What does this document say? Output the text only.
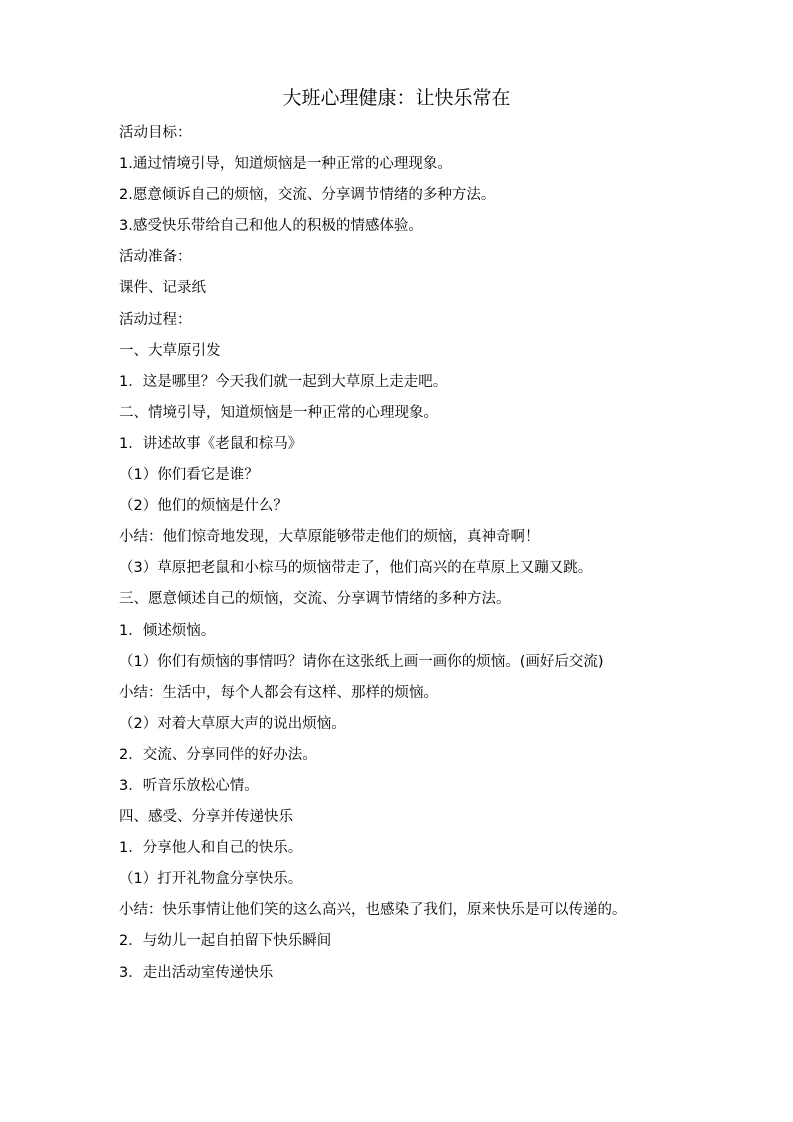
大班心理健康：让快乐常在
活动目标：
1.通过情境引导，知道烦恼是一种正常的心理现象。
2.愿意倾诉自己的烦恼，交流、分享调节情绪的多种方法。
3.感受快乐带给自己和他人的积极的情感体验。
活动准备：
课件、记录纸
活动过程：
一、大草原引发
1．这是哪里？今天我们就一起到大草原上走走吧。
二、情境引导，知道烦恼是一种正常的心理现象。
1．讲述故事《老鼠和棕马》
（1）你们看它是谁？
（2）他们的烦恼是什么？
小结：他们惊奇地发现，大草原能够带走他们的烦恼，真神奇啊！
（3）草原把老鼠和小棕马的烦恼带走了，他们高兴的在草原上又蹦又跳。
三、愿意倾述自己的烦恼，交流、分享调节情绪的多种方法。
1．倾述烦恼。
（1）你们有烦恼的事情吗？请你在这张纸上画一画你的烦恼。(画好后交流)
小结：生活中，每个人都会有这样、那样的烦恼。
（2）对着大草原大声的说出烦恼。
2．交流、分享同伴的好办法。
3．听音乐放松心情。
四、感受、分享并传递快乐
1．分享他人和自己的快乐。
（1）打开礼物盒分享快乐。
小结：快乐事情让他们笑的这么高兴，也感染了我们，原来快乐是可以传递的。
2．与幼儿一起自拍留下快乐瞬间
3．走出活动室传递快乐
